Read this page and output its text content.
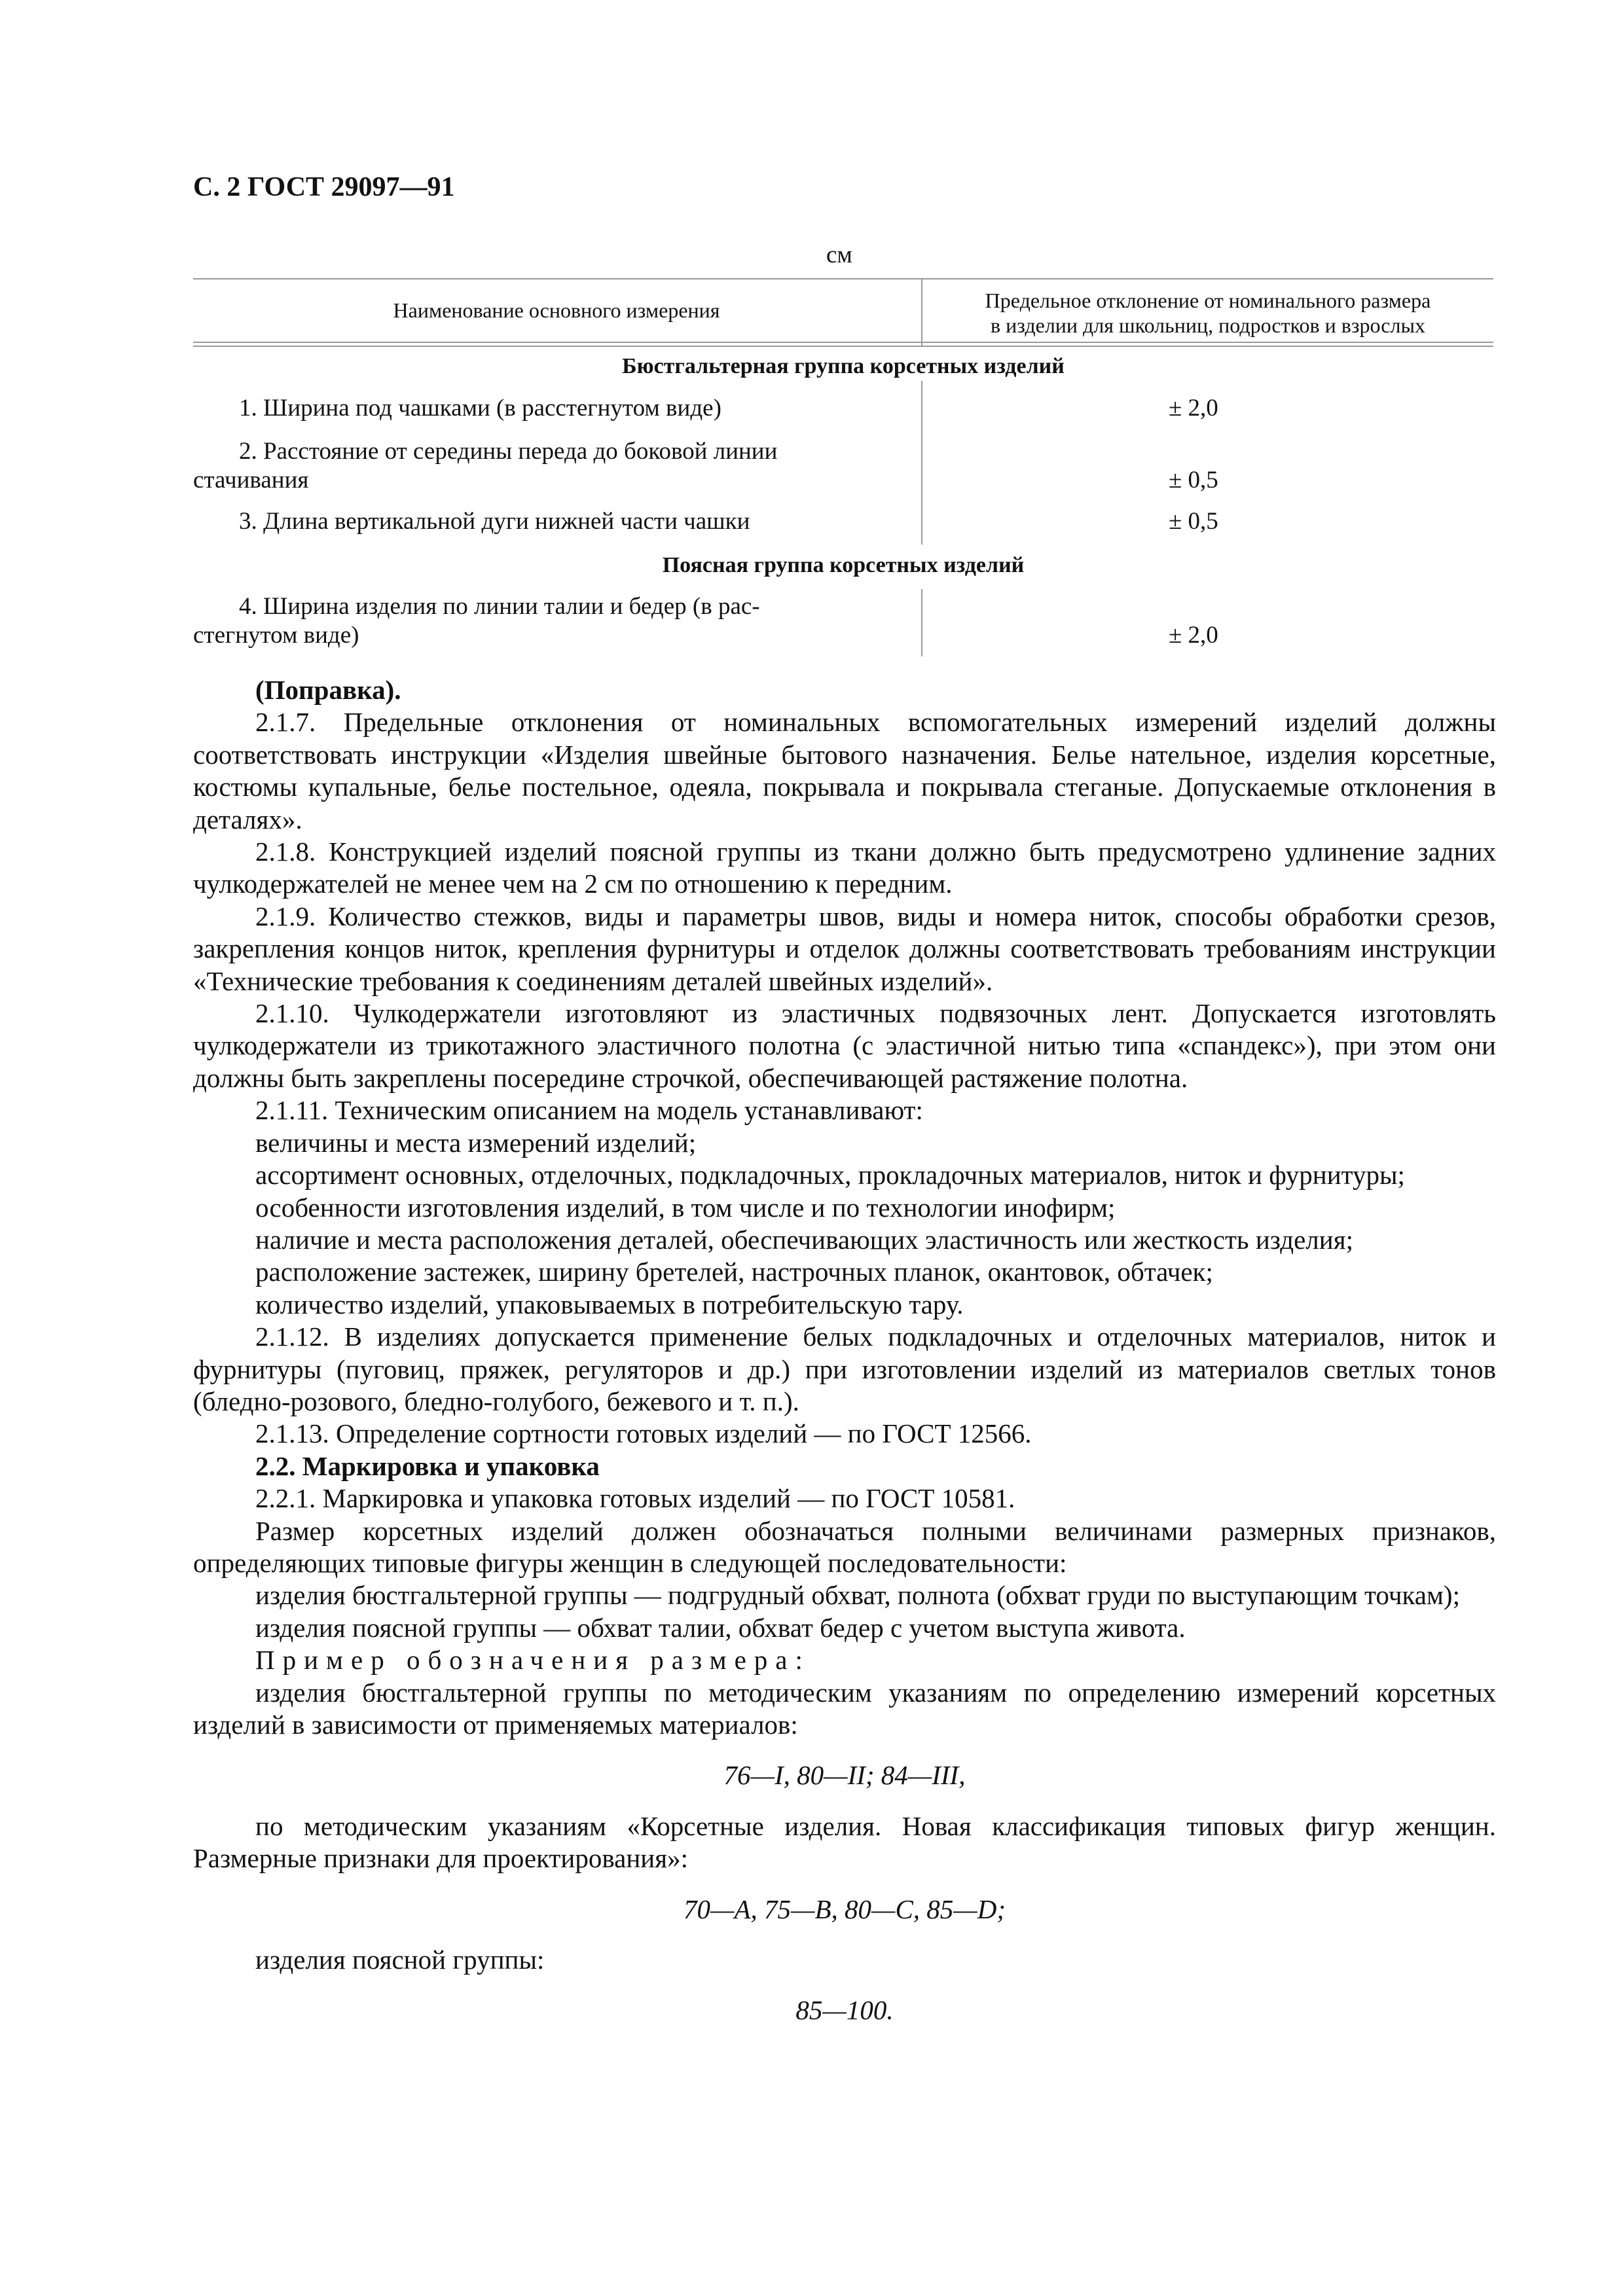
С. 2 ГОСТ 29097—91
см
Наименование основного измерения	Предельное отклонение от номинального размера
в изделии для школьниц, подростков и взрослых
Бюстгальтерная группа корсетных изделий
1. Ширина под чашками (в расстегнутом виде)	± 2,0
2. Расстояние от середины переда до боковой линии
стачивания	± 0,5
3. Длина вертикальной дуги нижней части чашки	± 0,5
Поясная группа корсетных изделий
4. Ширина изделия по линии талии и бедер (в рас-
стегнутом виде)	± 2,0

(Поправка).

2.1.7. Предельные отклонения от номинальных вспомогательных измерений изделий должны соответствовать инструкции «Изделия швейные бытового назначения. Белье нательное, изделия корсетные, костюмы купальные, белье постельное, одеяла, покрывала и покрывала стеганые. Допускаемые отклонения в деталях».

2.1.8. Конструкцией изделий поясной группы из ткани должно быть предусмотрено удлинение задних чулкодержателей не менее чем на 2 см по отношению к передним.

2.1.9. Количество стежков, виды и параметры швов, виды и номера ниток, способы обработки срезов, закрепления концов ниток, крепления фурнитуры и отделок должны соответствовать требованиям инструкции «Технические требования к соединениям деталей швейных изделий».

2.1.10. Чулкодержатели изготовляют из эластичных подвязочных лент. Допускается изготовлять чулкодержатели из трикотажного эластичного полотна (с эластичной нитью типа «спандекс»), при этом они должны быть закреплены посередине строчкой, обеспечивающей растяжение полотна.

2.1.11. Техническим описанием на модель устанавливают:

величины и места измерений изделий;

ассортимент основных, отделочных, подкладочных, прокладочных материалов, ниток и фурнитуры;

особенности изготовления изделий, в том числе и по технологии инофирм;

наличие и места расположения деталей, обеспечивающих эластичность или жесткость изделия;

расположение застежек, ширину бретелей, настрочных планок, окантовок, обтачек;

количество изделий, упаковываемых в потребительскую тару.

2.1.12. В изделиях допускается применение белых подкладочных и отделочных материалов, ниток и фурнитуры (пуговиц, пряжек, регуляторов и др.) при изготовлении изделий из материалов светлых тонов (бледно-розового, бледно-голубого, бежевого и т. п.).

2.1.13. Определение сортности готовых изделий — по ГОСТ 12566.

2.2. Маркировка и упаковка

2.2.1. Маркировка и упаковка готовых изделий — по ГОСТ 10581.

Размер корсетных изделий должен обозначаться полными величинами размерных признаков, определяющих типовые фигуры женщин в следующей последовательности:

изделия бюстгальтерной группы — подгрудный обхват, полнота (обхват груди по выступающим точкам);

изделия поясной группы — обхват талии, обхват бедер с учетом выступа живота.

Пример обозначения размера:

изделия бюстгальтерной группы по методическим указаниям по определению измерений корсетных изделий в зависимости от применяемых материалов:

76—I, 80—II; 84—III,

по методическим указаниям «Корсетные изделия. Новая классификация типовых фигур женщин. Размерные признаки для проектирования»:

70—A, 75—B, 80—C, 85—D;

изделия поясной группы:

85—100.
